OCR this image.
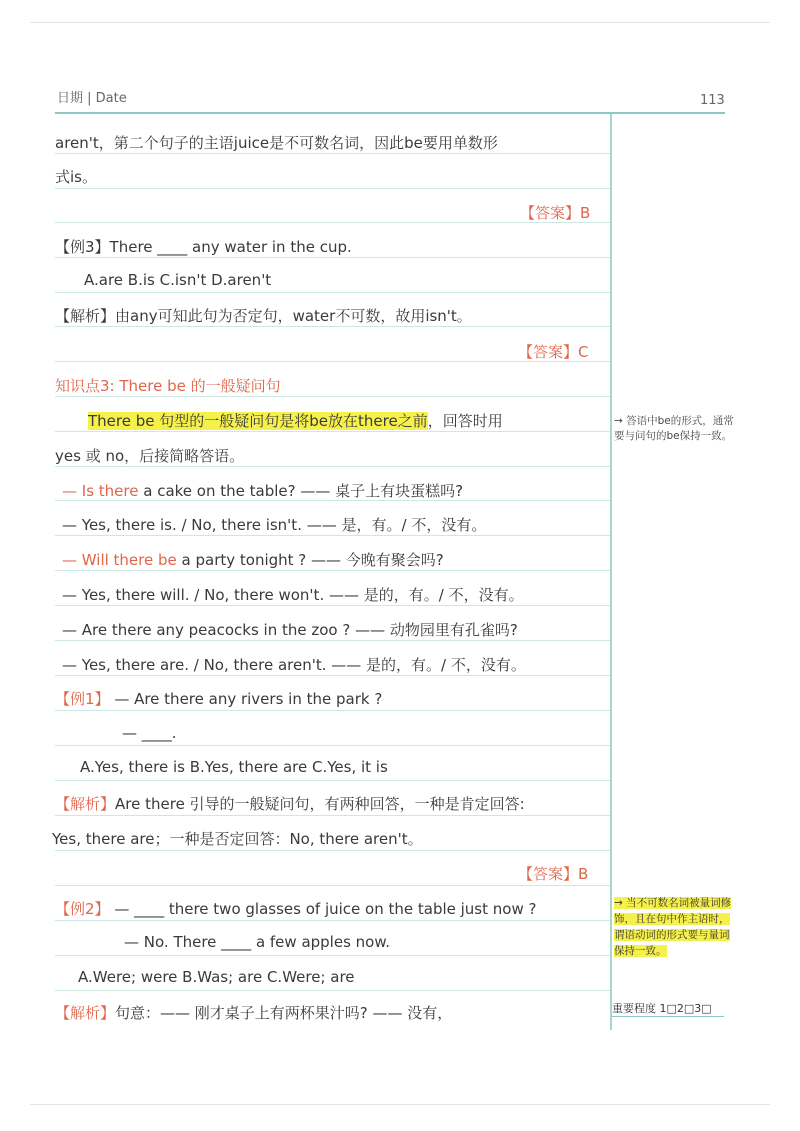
日期 | Date	113
aren't，第二个句子的主语juice是不可数名词，因此be要用单数形
式is。
【答案】B
【例3】There ____ any water in the cup.
A.are B.is C.isn't D.aren't
【解析】由any可知此句为否定句，water不可数，故用isn't。
【答案】C
知识点3: There be 的一般疑问句
There be 句型的一般疑问句是将be放在there之前，回答时用
yes 或 no，后接简略答语。
— Is there a cake on the table? —— 桌子上有块蛋糕吗?
— Yes, there is. / No, there isn't. —— 是，有。/ 不，没有。
— Will there be a party tonight ? —— 今晚有聚会吗?
— Yes, there will. / No, there won't. —— 是的，有。/ 不，没有。
— Are there any peacocks in the zoo ? —— 动物园里有孔雀吗?
— Yes, there are. / No, there aren't. —— 是的，有。/ 不，没有。
【例1】 — Are there any rivers in the park ?
— ____.
A.Yes, there is B.Yes, there are C.Yes, it is
【解析】Are there 引导的一般疑问句，有两种回答，一种是肯定回答:
Yes, there are；一种是否定回答：No, there aren't。
【答案】B
【例2】 — ____ there two glasses of juice on the table just now ?
— No. There ____ a few apples now.
A.Were; were B.Was; are C.Were; are
【解析】句意：—— 刚才桌子上有两杯果汁吗? —— 没有，
→ 答语中be的形式，通常要与问句的be保持一致。
→ 当不可数名词被量词修饰，且在句中作主语时，谓语动词的形式要与量词保持一致。
重要程度 1□2□3□
